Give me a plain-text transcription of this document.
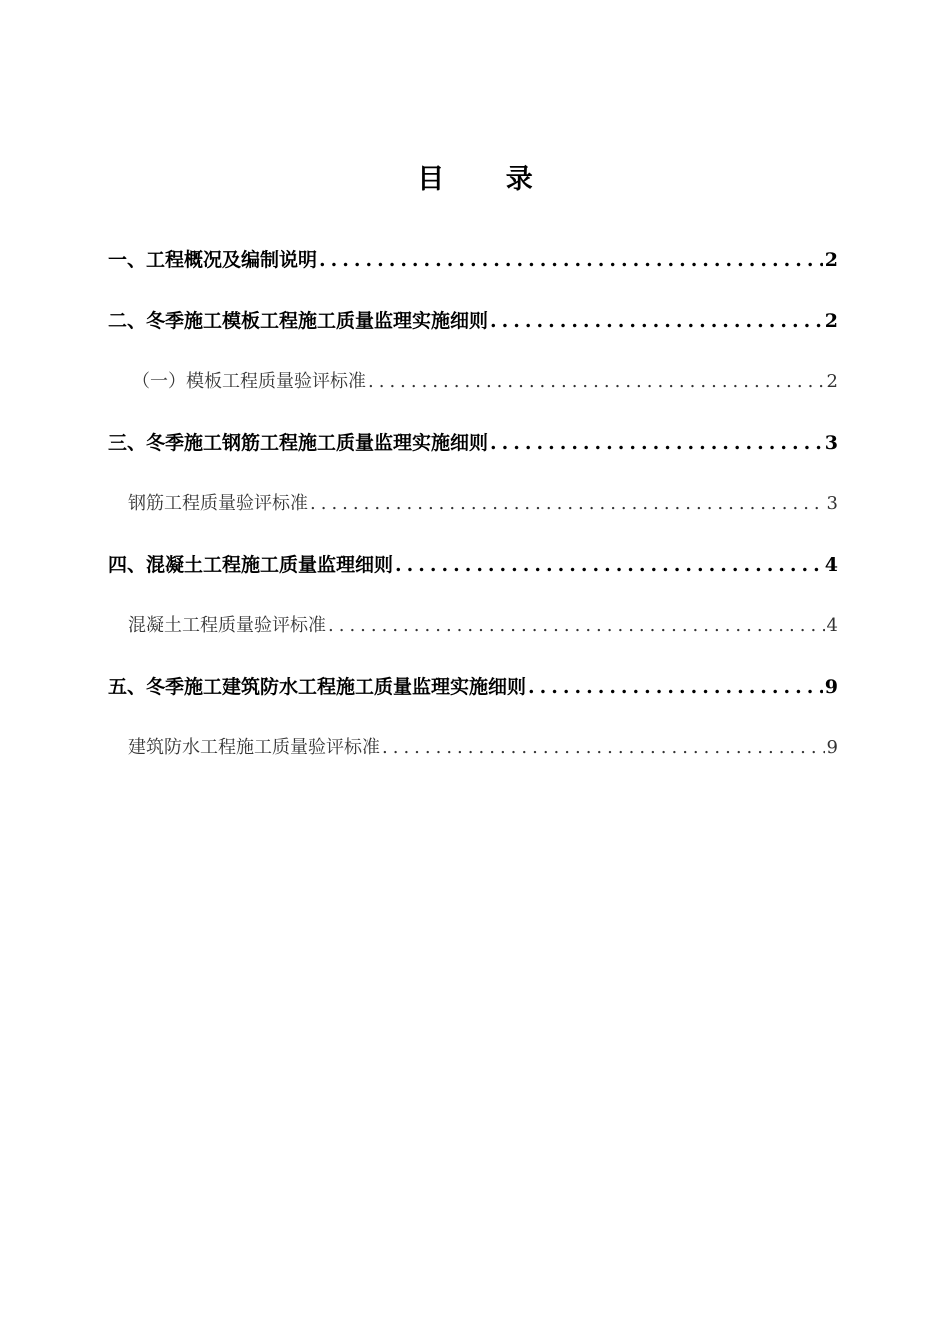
目 录
一、工程概况及编制说明 .....	2
二、冬季施工模板工程施工质量监理实施细则 .....	2
（一）模板工程质量验评标准 .....	2
三、冬季施工钢筋工程施工质量监理实施细则 .....	3
钢筋工程质量验评标准 .....	3
四、混凝土工程施工质量监理细则 .....	4
混凝土工程质量验评标准 .....	4
五、冬季施工建筑防水工程施工质量监理实施细则 .....	9
建筑防水工程施工质量验评标准 .....	9
